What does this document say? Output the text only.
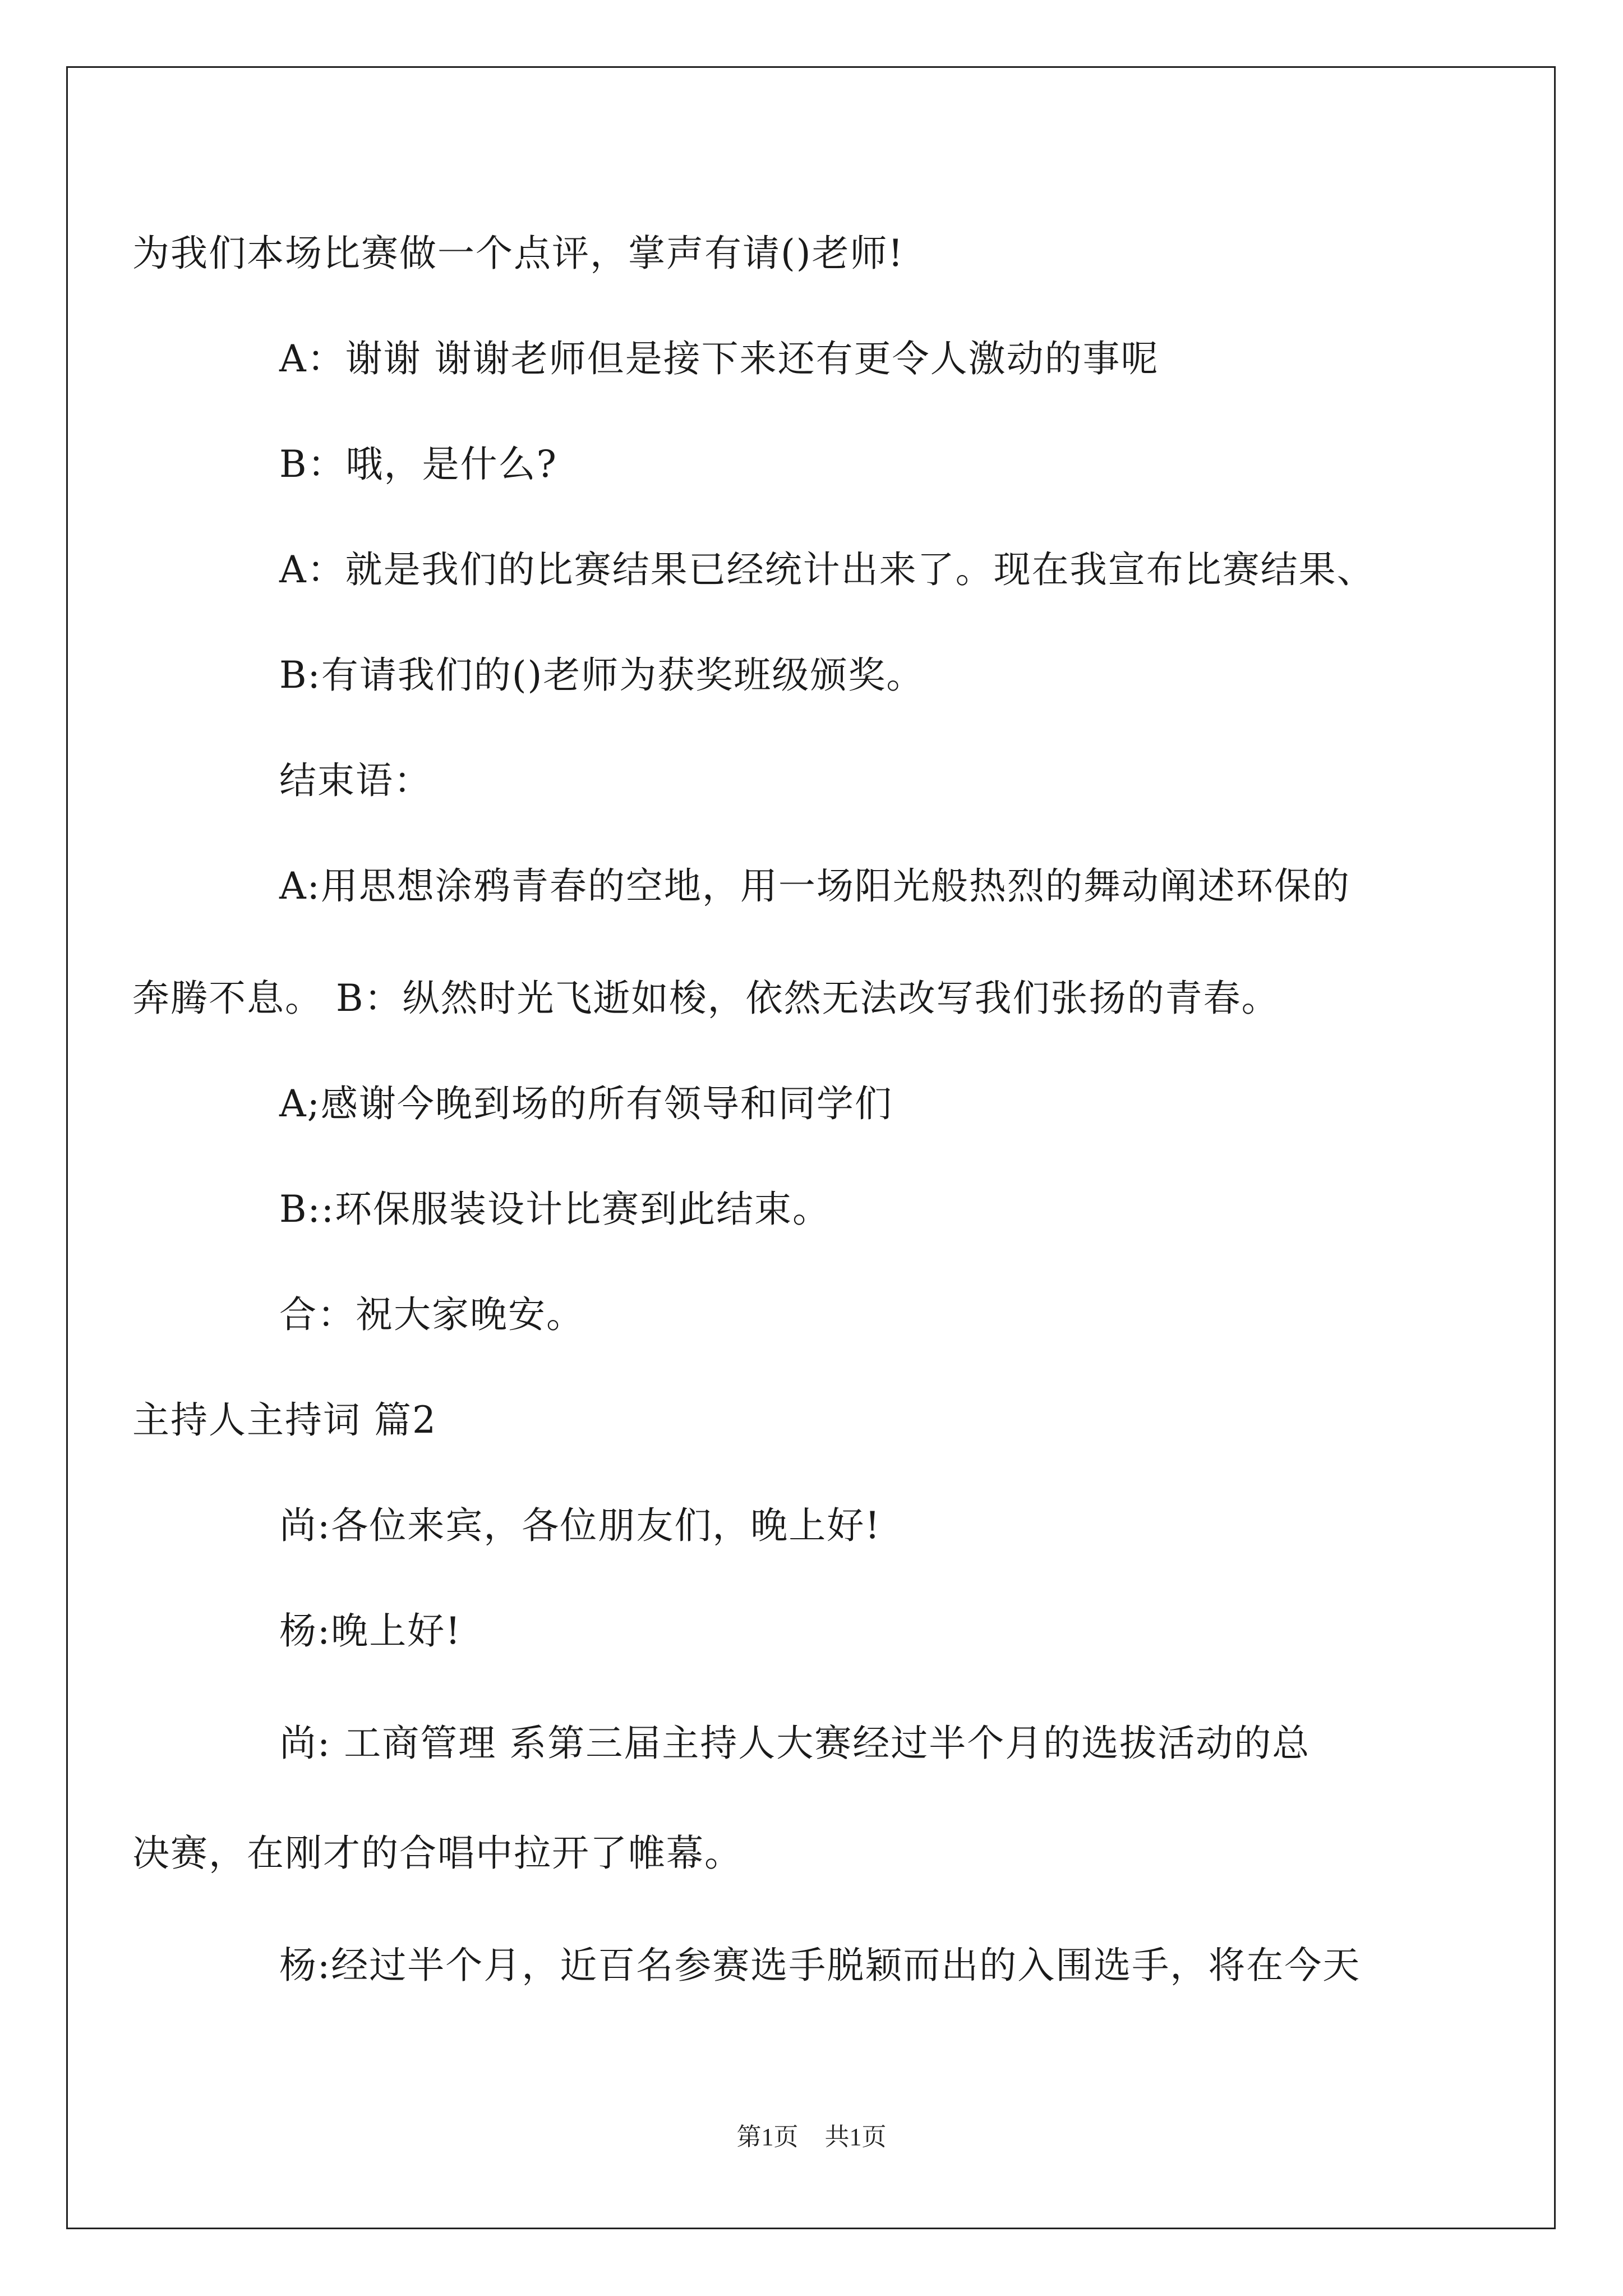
为我们本场比赛做一个点评，掌声有请()老师!
A：谢谢 谢谢老师但是接下来还有更令人激动的事呢
B：哦，是什么?
A：就是我们的比赛结果已经统计出来了。现在我宣布比赛结果、
B:有请我们的()老师为获奖班级颁奖。
结束语：
A:用思想涂鸦青春的空地，用一场阳光般热烈的舞动阐述环保的
奔腾不息。 B：纵然时光飞逝如梭，依然无法改写我们张扬的青春。
A;感谢今晚到场的所有领导和同学们
B::环保服装设计比赛到此结束。
合：祝大家晚安。
主持人主持词 篇2
尚:各位来宾，各位朋友们，晚上好!
杨:晚上好!
尚: 工商管理 系第三届主持人大赛经过半个月的选拔活动的总
决赛，在刚才的合唱中拉开了帷幕。
杨:经过半个月，近百名参赛选手脱颖而出的入围选手，将在今天
第1页 共1页
